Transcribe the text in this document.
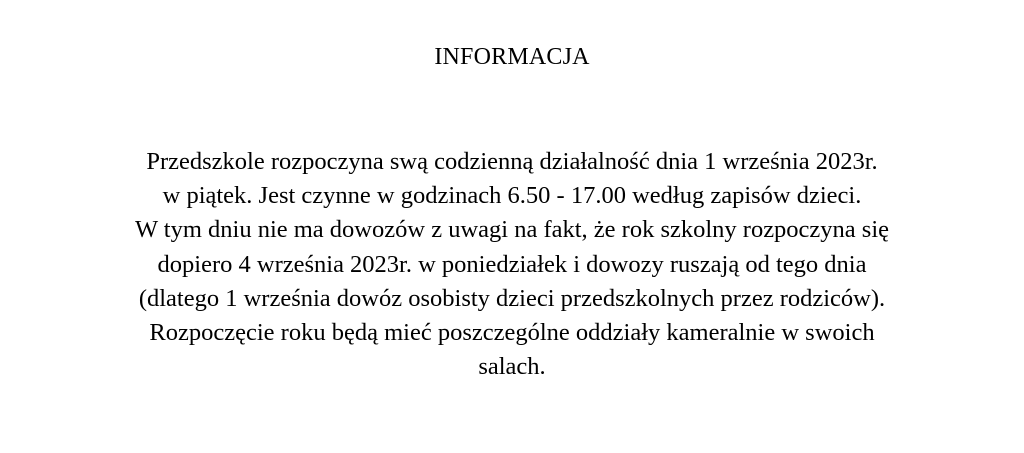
INFORMACJA
Przedszkole rozpoczyna swą codzienną działalność dnia 1 września 2023r.
w piątek. Jest czynne w godzinach 6.50 - 17.00 według zapisów dzieci.
W tym dniu nie ma dowozów z uwagi na fakt, że rok szkolny rozpoczyna się
dopiero 4 września 2023r. w poniedziałek i dowozy ruszają od tego dnia
(dlatego 1 września dowóz osobisty dzieci przedszkolnych przez rodziców).
Rozpoczęcie roku będą mieć poszczególne oddziały kameralnie w swoich
salach.
